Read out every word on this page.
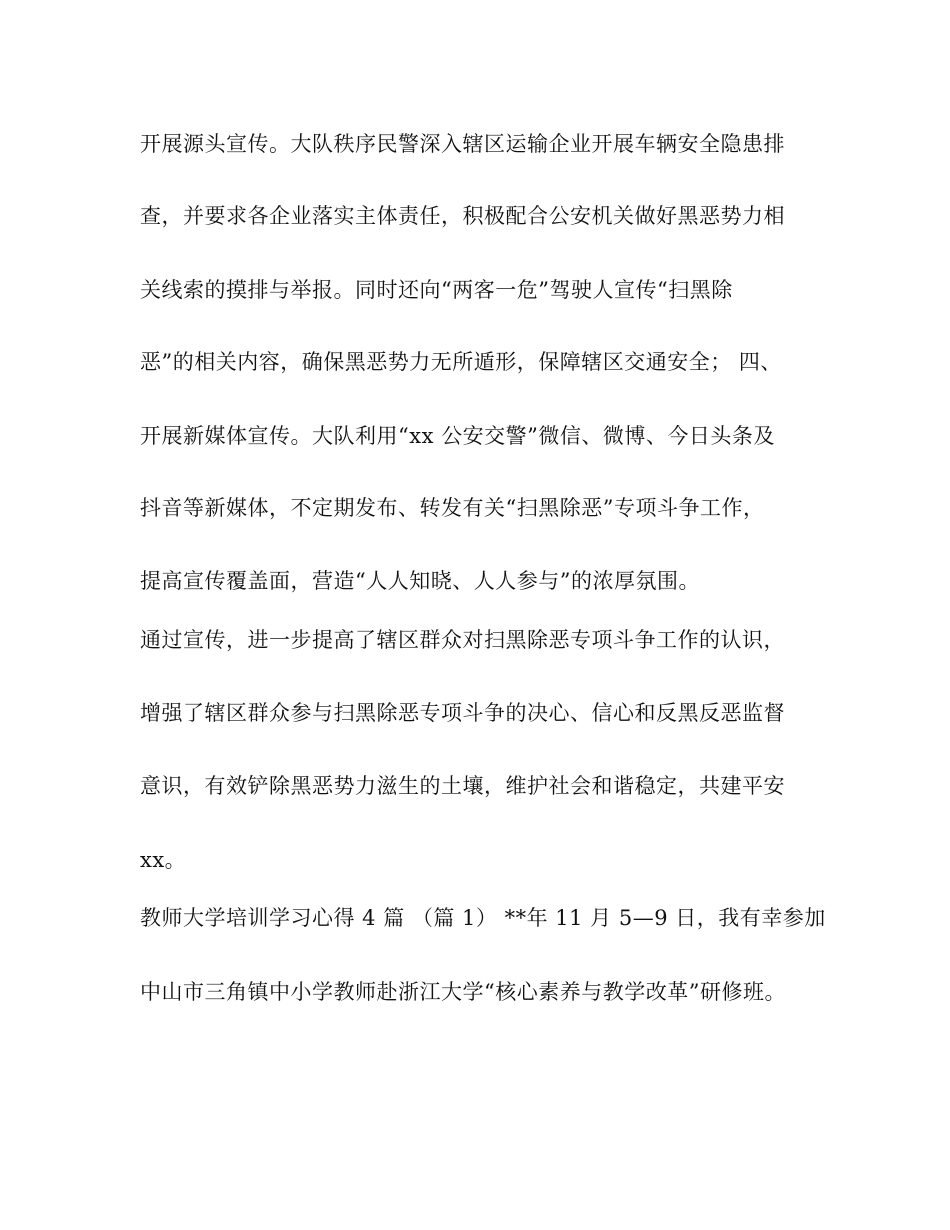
开展源头宣传。大队秩序民警深入辖区运输企业开展车辆安全隐患排
查，并要求各企业落实主体责任，积极配合公安机关做好黑恶势力相
关线索的摸排与举报。同时还向“两客一危”驾驶人宣传“扫黑除
恶”的相关内容，确保黑恶势力无所遁形，保障辖区交通安全； 四、
开展新媒体宣传。大队利用“xx 公安交警”微信、微博、今日头条及
抖音等新媒体，不定期发布、转发有关“扫黑除恶”专项斗争工作，
提高宣传覆盖面，营造“人人知晓、人人参与”的浓厚氛围。
通过宣传，进一步提高了辖区群众对扫黑除恶专项斗争工作的认识，
增强了辖区群众参与扫黑除恶专项斗争的决心、信心和反黑反恶监督
意识，有效铲除黑恶势力滋生的土壤，维护社会和谐稳定，共建平安
xx。
教师大学培训学习心得 4 篇 （篇 1） **年 11 月 5—9 日，我有幸参加
中山市三角镇中小学教师赴浙江大学“核心素养与教学改革”研修班。
